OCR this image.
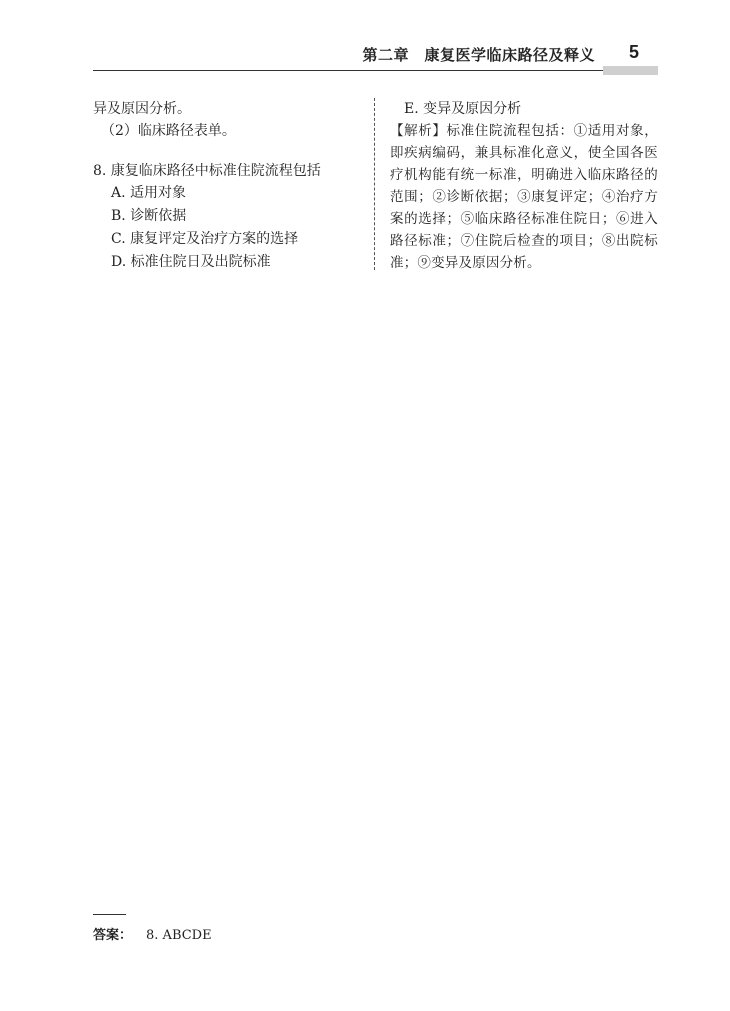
第二章　康复医学临床路径及释义	5
异及原因分析。
（2）临床路径表单。
8. 康复临床路径中标准住院流程包括
A. 适用对象
B. 诊断依据
C. 康复评定及治疗方案的选择
D. 标准住院日及出院标准
E. 变异及原因分析
【解析】标准住院流程包括：①适用对象，即疾病编码，兼具标准化意义，使全国各医疗机构能有统一标准，明确进入临床路径的范围；②诊断依据；③康复评定；④治疗方案的选择；⑤临床路径标准住院日；⑥进入路径标准；⑦住院后检查的项目；⑧出院标准；⑨变异及原因分析。
答案： 8. ABCDE
